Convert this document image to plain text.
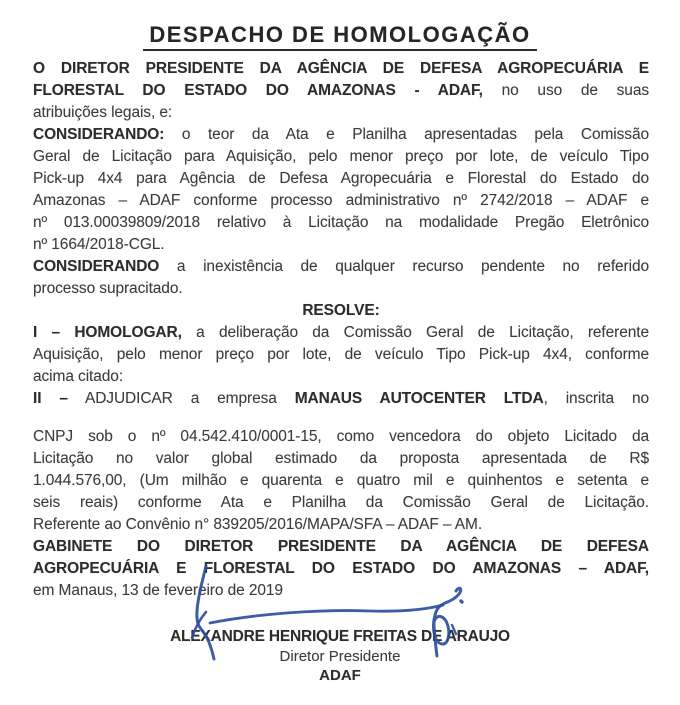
DESPACHO DE HOMOLOGAÇÃO
O DIRETOR PRESIDENTE DA AGÊNCIA DE DEFESA AGROPECUÁRIA E
FLORESTAL DO ESTADO DO AMAZONAS - ADAF, no uso de suas
atribuições legais, e:
CONSIDERANDO: o teor da Ata e Planilha apresentadas pela Comissão
Geral de Licitação para Aquisição, pelo menor preço por lote, de veículo Tipo
Pick-up 4x4 para Agência de Defesa Agropecuária e Florestal do Estado do
Amazonas – ADAF conforme processo administrativo nº 2742/2018 – ADAF e
nº 013.00039809/2018 relativo à Licitação na modalidade Pregão Eletrônico
nº 1664/2018-CGL.
CONSIDERANDO a inexistência de qualquer recurso pendente no referido
processo supracitado.
RESOLVE:
I – HOMOLOGAR, a deliberação da Comissão Geral de Licitação, referente
Aquisição, pelo menor preço por lote, de veículo Tipo Pick-up 4x4, conforme
acima citado:
II – ADJUDICAR a empresa MANAUS AUTOCENTER LTDA, inscrita no
CNPJ sob o nº 04.542.410/0001-15, como vencedora do objeto Licitado da
Licitação no valor global estimado da proposta apresentada de R$
1.044.576,00, (Um milhão e quarenta e quatro mil e quinhentos e setenta e
seis reais) conforme Ata e Planilha da Comissão Geral de Licitação.
Referente ao Convênio n° 839205/2016/MAPA/SFA – ADAF – AM.
GABINETE DO DIRETOR PRESIDENTE DA AGÊNCIA DE DEFESA
AGROPECUÁRIA E FLORESTAL DO ESTADO DO AMAZONAS – ADAF,
em Manaus, 13 de fevereiro de 2019
ALEXANDRE HENRIQUE FREITAS DE ARAUJO
Diretor Presidente
ADAF
